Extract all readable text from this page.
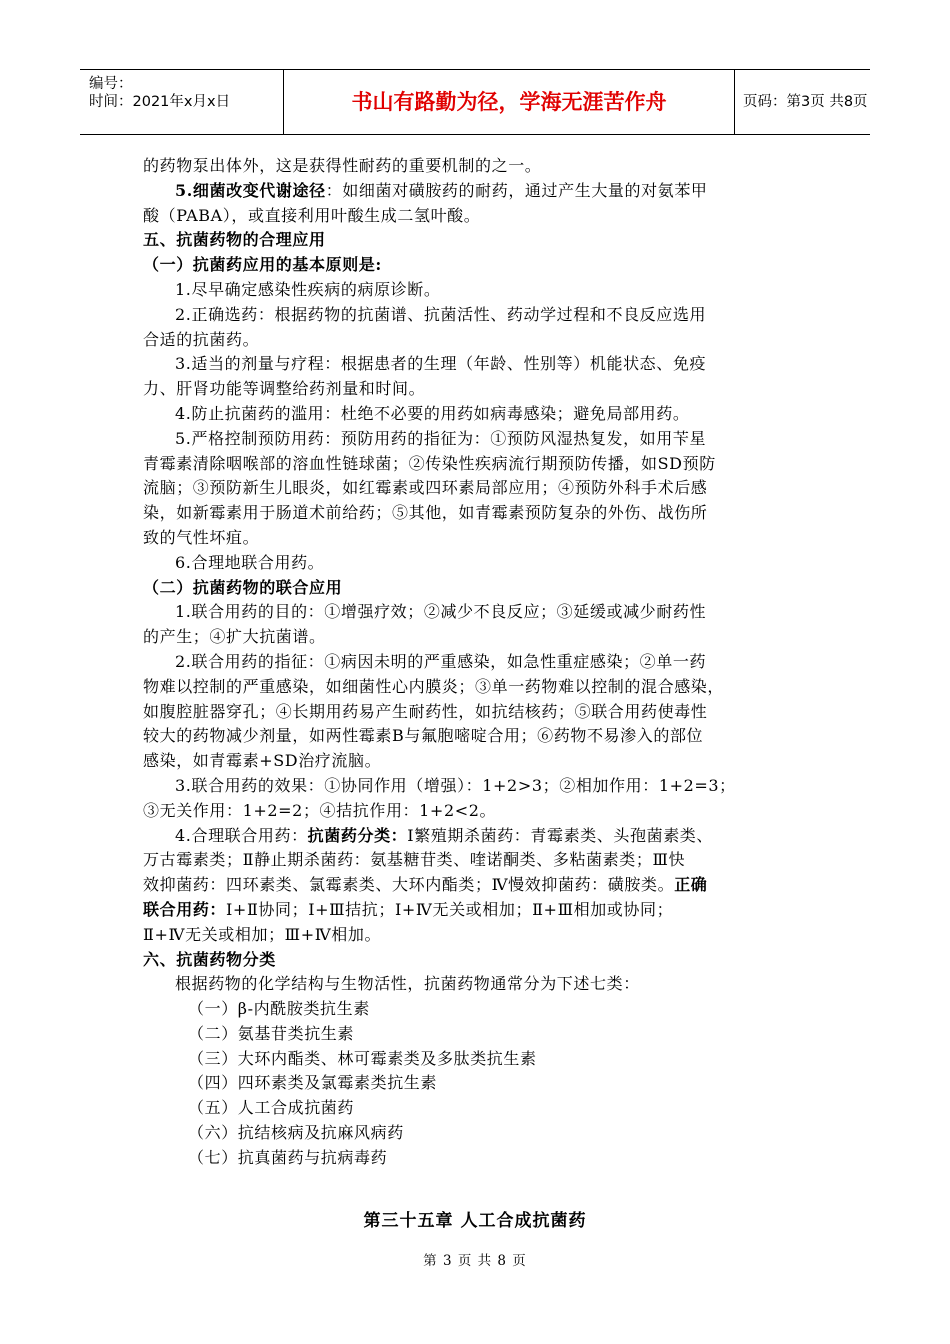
编号：
时间：2021年x月x日	书山有路勤为径，学海无涯苦作舟	页码：第3页 共8页
的药物泵出体外，这是获得性耐药的重要机制的之一。
5.细菌改变代谢途径：如细菌对磺胺药的耐药，通过产生大量的对氨苯甲
酸（PABA），或直接利用叶酸生成二氢叶酸。
五、抗菌药物的合理应用
（一）抗菌药应用的基本原则是:
1.尽早确定感染性疾病的病原诊断。
2.正确选药：根据药物的抗菌谱、抗菌活性、药动学过程和不良反应选用
合适的抗菌药。
3.适当的剂量与疗程：根据患者的生理（年龄、性别等）机能状态、免疫
力、肝肾功能等调整给药剂量和时间。
4.防止抗菌药的滥用：杜绝不必要的用药如病毒感染；避免局部用药。
5.严格控制预防用药：预防用药的指征为：①预防风湿热复发，如用苄星
青霉素清除咽喉部的溶血性链球菌；②传染性疾病流行期预防传播，如SD预防
流脑；③预防新生儿眼炎，如红霉素或四环素局部应用；④预防外科手术后感
染，如新霉素用于肠道术前给药；⑤其他，如青霉素预防复杂的外伤、战伤所
致的气性坏疽。
6.合理地联合用药。
（二）抗菌药物的联合应用
1.联合用药的目的：①增强疗效；②减少不良反应；③延缓或减少耐药性
的产生；④扩大抗菌谱。
2.联合用药的指征：①病因未明的严重感染，如急性重症感染；②单一药
物难以控制的严重感染，如细菌性心内膜炎；③单一药物难以控制的混合感染，
如腹腔脏器穿孔；④长期用药易产生耐药性，如抗结核药；⑤联合用药使毒性
较大的药物减少剂量，如两性霉素B与氟胞嘧啶合用；⑥药物不易渗入的部位
感染，如青霉素+SD治疗流脑。
3.联合用药的效果：①协同作用（增强）：1+2>3；②相加作用：1+2=3；
③无关作用：1+2=2；④拮抗作用：1+2<2。
4.合理联合用药：抗菌药分类：Ⅰ繁殖期杀菌药：青霉素类、头孢菌素类、
万古霉素类；Ⅱ静止期杀菌药：氨基糖苷类、喹诺酮类、多粘菌素类；Ⅲ快
效抑菌药：四环素类、氯霉素类、大环内酯类；Ⅳ慢效抑菌药：磺胺类。正确
联合用药：Ⅰ+Ⅱ协同；Ⅰ+Ⅲ拮抗；Ⅰ+Ⅳ无关或相加；Ⅱ+Ⅲ相加或协同；
Ⅱ+Ⅳ无关或相加；Ⅲ+Ⅳ相加。
六、抗菌药物分类
根据药物的化学结构与生物活性，抗菌药物通常分为下述七类：
（一）β-内酰胺类抗生素
（二）氨基苷类抗生素
（三）大环内酯类、林可霉素类及多肽类抗生素
（四）四环素类及氯霉素类抗生素
（五）人工合成抗菌药
（六）抗结核病及抗麻风病药
（七）抗真菌药与抗病毒药
第三十五章 人工合成抗菌药
第 3 页 共 8 页
